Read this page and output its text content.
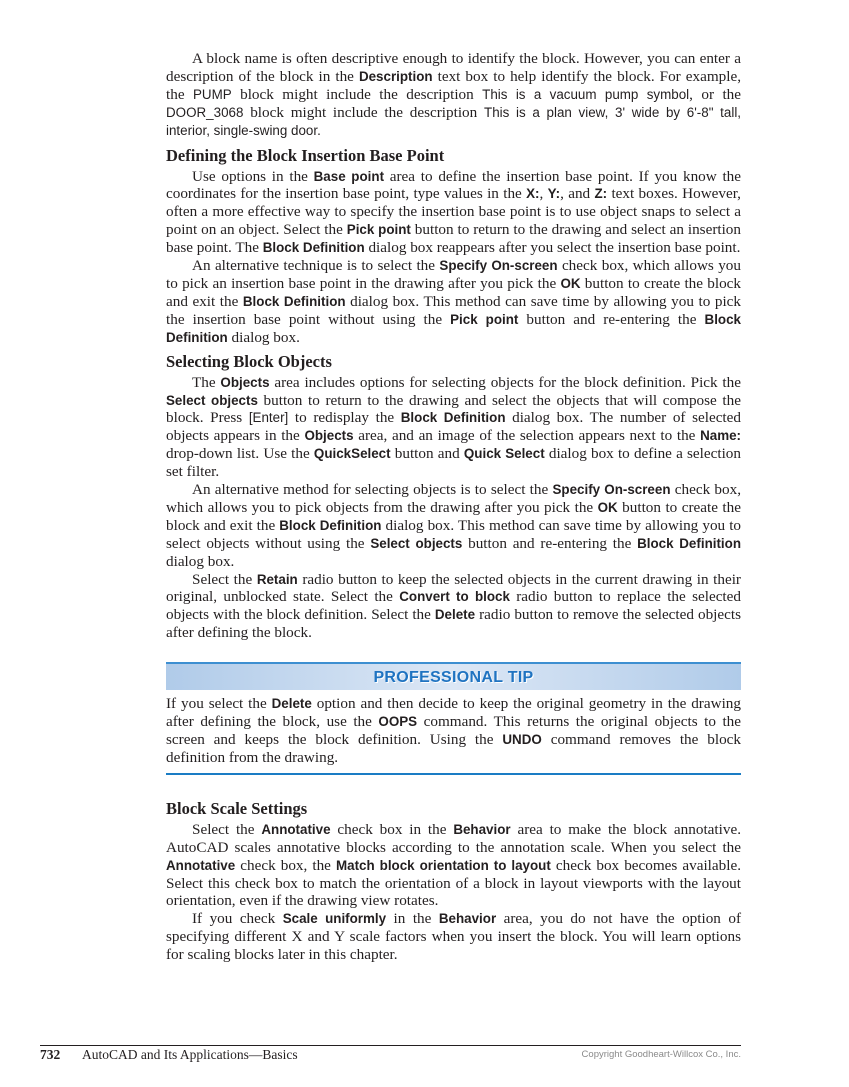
A block name is often descriptive enough to identify the block. However, you can enter a description of the block in the Description text box to help identify the block. For example, the PUMP block might include the description This is a vacuum pump symbol, or the DOOR_3068 block might include the description This is a plan view, 3' wide by 6'-8" tall, interior, single-swing door.

Defining the Block Insertion Base Point

Use options in the Base point area to define the insertion base point. If you know the coordinates for the insertion base point, type values in the X:, Y:, and Z: text boxes. However, often a more effective way to specify the insertion base point is to use object snaps to select a point on an object. Select the Pick point button to return to the drawing and select an insertion base point. The Block Definition dialog box reappears after you select the insertion base point.

An alternative technique is to select the Specify On-screen check box, which allows you to pick an insertion base point in the drawing after you pick the OK button to create the block and exit the Block Definition dialog box. This method can save time by allowing you to pick the insertion base point without using the Pick point button and re-entering the Block Definition dialog box.

Selecting Block Objects

The Objects area includes options for selecting objects for the block definition. Pick the Select objects button to return to the drawing and select the objects that will compose the block. Press [Enter] to redisplay the Block Definition dialog box. The number of selected objects appears in the Objects area, and an image of the selection appears next to the Name: drop-down list. Use the QuickSelect button and Quick Select dialog box to define a selection set filter.

An alternative method for selecting objects is to select the Specify On-screen check box, which allows you to pick objects from the drawing after you pick the OK button to create the block and exit the Block Definition dialog box. This method can save time by allowing you to select objects without using the Select objects button and re-entering the Block Definition dialog box.

Select the Retain radio button to keep the selected objects in the current drawing in their original, unblocked state. Select the Convert to block radio button to replace the selected objects with the block definition. Select the Delete radio button to remove the selected objects after defining the block.

PROFESSIONAL TIP

If you select the Delete option and then decide to keep the original geometry in the drawing after defining the block, use the OOPS command. This returns the original objects to the screen and keeps the block definition. Using the UNDO command removes the block definition from the drawing.

Block Scale Settings

Select the Annotative check box in the Behavior area to make the block annotative. AutoCAD scales annotative blocks according to the annotation scale. When you select the Annotative check box, the Match block orientation to layout check box becomes available. Select this check box to match the orientation of a block in layout viewports with the layout orientation, even if the drawing view rotates.

If you check Scale uniformly in the Behavior area, you do not have the option of specifying different X and Y scale factors when you insert the block. You will learn options for scaling blocks later in this chapter.

732 AutoCAD and Its Applications—Basics	Copyright Goodheart-Willcox Co., Inc.
